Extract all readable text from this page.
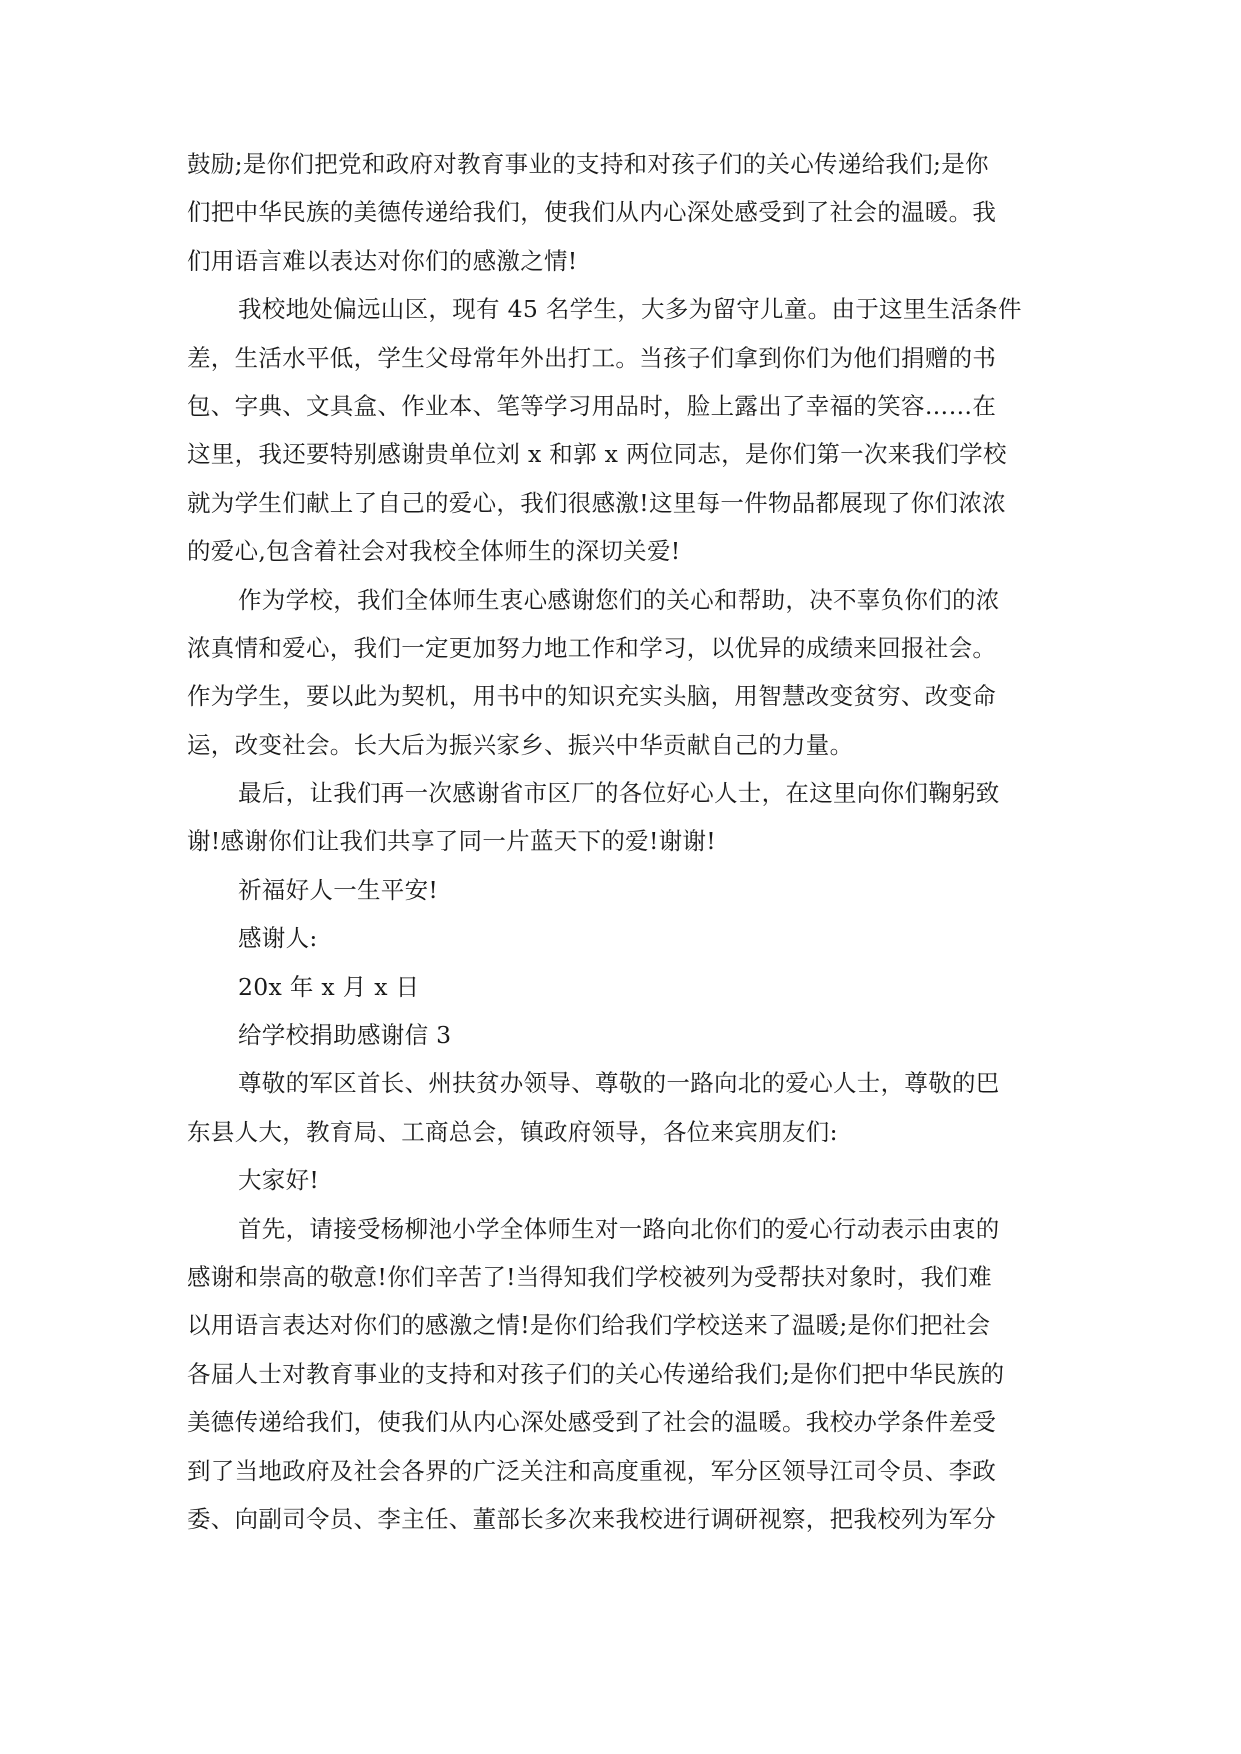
鼓励;是你们把党和政府对教育事业的支持和对孩子们的关心传递给我们;是你

们把中华民族的美德传递给我们，使我们从内心深处感受到了社会的温暖。我

们用语言难以表达对你们的感激之情!

我校地处偏远山区，现有 45 名学生，大多为留守儿童。由于这里生活条件

差，生活水平低，学生父母常年外出打工。当孩子们拿到你们为他们捐赠的书

包、字典、文具盒、作业本、笔等学习用品时，脸上露出了幸福的笑容……在

这里，我还要特别感谢贵单位刘 x 和郭 x 两位同志，是你们第一次来我们学校

就为学生们献上了自己的爱心，我们很感激!这里每一件物品都展现了你们浓浓

的爱心,包含着社会对我校全体师生的深切关爱!

作为学校，我们全体师生衷心感谢您们的关心和帮助，决不辜负你们的浓

浓真情和爱心，我们一定更加努力地工作和学习，以优异的成绩来回报社会。

作为学生，要以此为契机，用书中的知识充实头脑，用智慧改变贫穷、改变命

运，改变社会。长大后为振兴家乡、振兴中华贡献自己的力量。

最后，让我们再一次感谢省市区厂的各位好心人士，在这里向你们鞠躬致

谢!感谢你们让我们共享了同一片蓝天下的爱!谢谢!

祈福好人一生平安!

感谢人:

20x 年 x 月 x 日

给学校捐助感谢信 3

尊敬的军区首长、州扶贫办领导、尊敬的一路向北的爱心人士，尊敬的巴

东县人大，教育局、工商总会，镇政府领导，各位来宾朋友们:

大家好!

首先，请接受杨柳池小学全体师生对一路向北你们的爱心行动表示由衷的

感谢和崇高的敬意!你们辛苦了!当得知我们学校被列为受帮扶对象时，我们难

以用语言表达对你们的感激之情!是你们给我们学校送来了温暖;是你们把社会

各届人士对教育事业的支持和对孩子们的关心传递给我们;是你们把中华民族的

美德传递给我们，使我们从内心深处感受到了社会的温暖。我校办学条件差受

到了当地政府及社会各界的广泛关注和高度重视，军分区领导江司令员、李政

委、向副司令员、李主任、董部长多次来我校进行调研视察，把我校列为军分
